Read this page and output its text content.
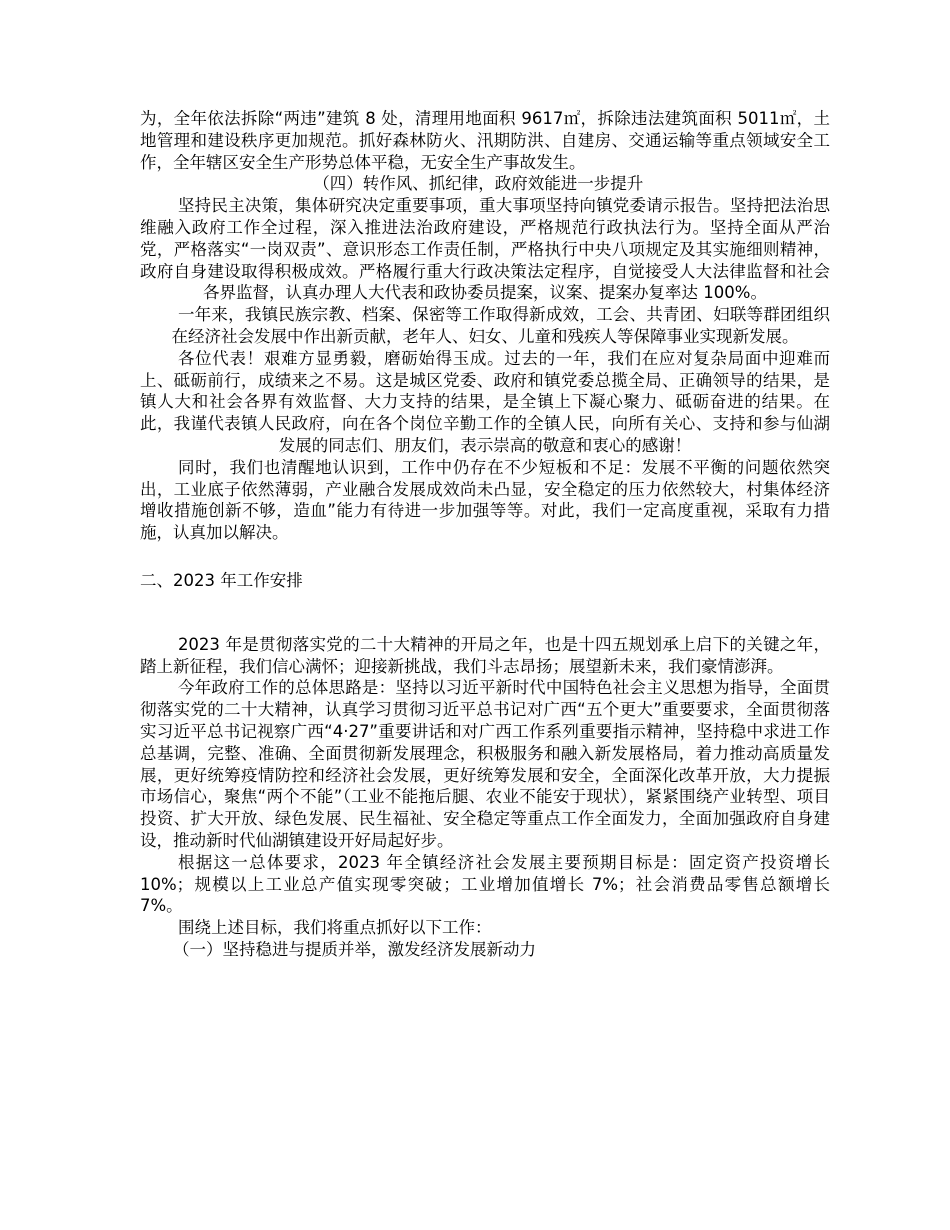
为，全年依法拆除“两违”建筑 8 处，清理用地面积 9617㎡，拆除违法建筑面积 5011㎡，土地管理和建设秩序更加规范。抓好森林防火、汛期防洪、自建房、交通运输等重点领域安全工作，全年辖区安全生产形势总体平稳，无安全生产事故发生。

（四）转作风、抓纪律，政府效能进一步提升

坚持民主决策，集体研究决定重要事项，重大事项坚持向镇党委请示报告。坚持把法治思维融入政府工作全过程，深入推进法治政府建设，严格规范行政执法行为。坚持全面从严治党，严格落实“一岗双责”、意识形态工作责任制，严格执行中央八项规定及其实施细则精神，政府自身建设取得积极成效。严格履行重大行政决策法定程序，自觉接受人大法律监督和社会各界监督，认真办理人大代表和政协委员提案，议案、提案办复率达 100%。

一年来，我镇民族宗教、档案、保密等工作取得新成效，工会、共青团、妇联等群团组织在经济社会发展中作出新贡献，老年人、妇女、儿童和残疾人等保障事业实现新发展。

各位代表！艰难方显勇毅，磨砺始得玉成。过去的一年，我们在应对复杂局面中迎难而上、砥砺前行，成绩来之不易。这是城区党委、政府和镇党委总揽全局、正确领导的结果，是镇人大和社会各界有效监督、大力支持的结果，是全镇上下凝心聚力、砥砺奋进的结果。在此，我谨代表镇人民政府，向在各个岗位辛勤工作的全镇人民，向所有关心、支持和参与仙湖发展的同志们、朋友们，表示崇高的敬意和衷心的感谢！

同时，我们也清醒地认识到，工作中仍存在不少短板和不足：发展不平衡的问题依然突出，工业底子依然薄弱，产业融合发展成效尚未凸显，安全稳定的压力依然较大，村集体经济增收措施创新不够，造血”能力有待进一步加强等等。对此，我们一定高度重视，采取有力措施，认真加以解决。

二、2023 年工作安排

2023 年是贯彻落实党的二十大精神的开局之年，也是十四五规划承上启下的关键之年，踏上新征程，我们信心满怀；迎接新挑战，我们斗志昂扬；展望新未来，我们豪情澎湃。

今年政府工作的总体思路是：坚持以习近平新时代中国特色社会主义思想为指导，全面贯彻落实党的二十大精神，认真学习贯彻习近平总书记对广西“五个更大”重要要求，全面贯彻落实习近平总书记视察广西“4·27”重要讲话和对广西工作系列重要指示精神，坚持稳中求进工作总基调，完整、准确、全面贯彻新发展理念，积极服务和融入新发展格局，着力推动高质量发展，更好统筹疫情防控和经济社会发展，更好统筹发展和安全，全面深化改革开放，大力提振市场信心，聚焦“两个不能”（工业不能拖后腿、农业不能安于现状），紧紧围绕产业转型、项目投资、扩大开放、绿色发展、民生福祉、安全稳定等重点工作全面发力，全面加强政府自身建设，推动新时代仙湖镇建设开好局起好步。

根据这一总体要求，2023 年全镇经济社会发展主要预期目标是：固定资产投资增长 10%；规模以上工业总产值实现零突破；工业增加值增长 7%；社会消费品零售总额增长 7%。

围绕上述目标，我们将重点抓好以下工作：

（一）坚持稳进与提质并举，激发经济发展新动力
